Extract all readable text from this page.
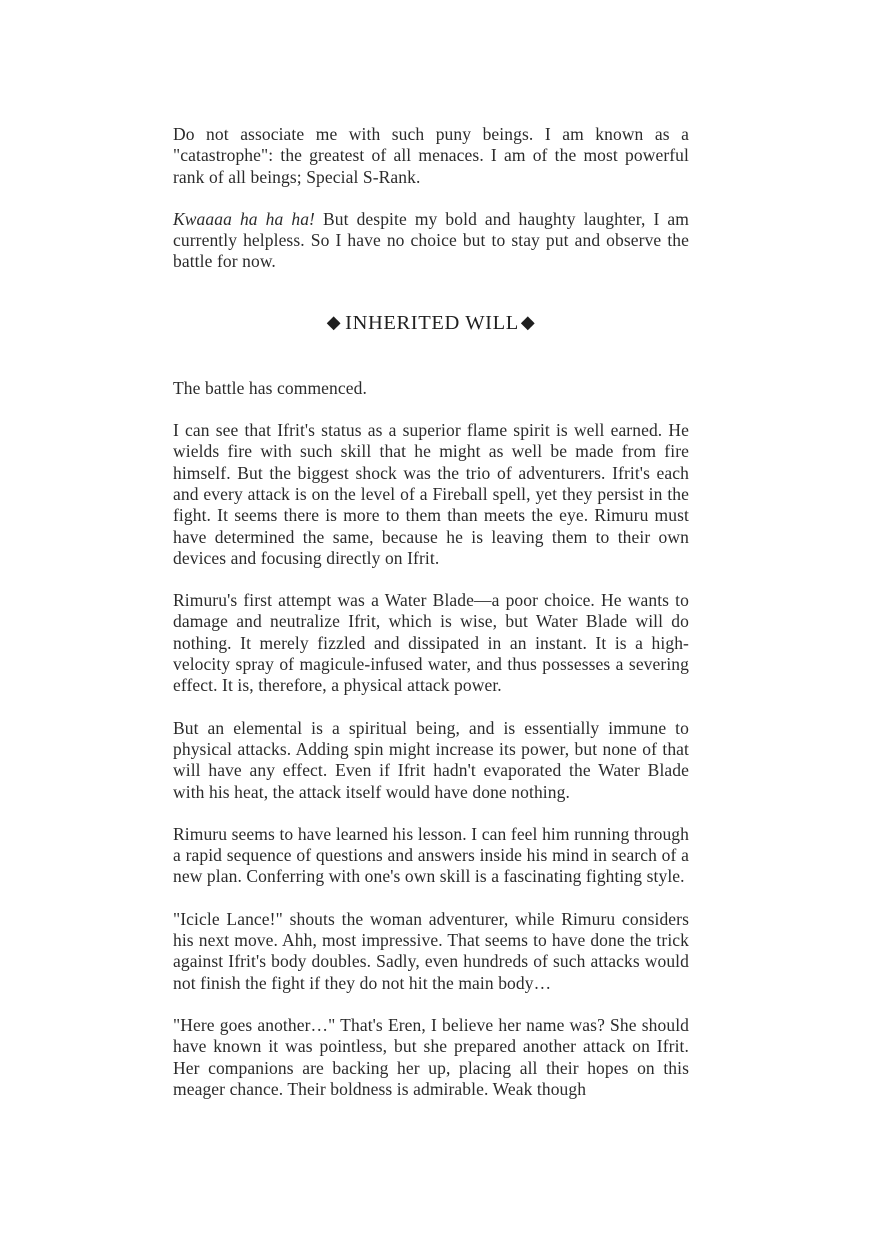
Do not associate me with such puny beings. I am known as a "catastrophe": the greatest of all menaces. I am of the most powerful rank of all beings; Special S-Rank.

Kwaaaa ha ha ha! But despite my bold and haughty laughter, I am currently helpless. So I have no choice but to stay put and observe the battle for now.

◆ INHERITED WILL ◆

The battle has commenced.

I can see that Ifrit's status as a superior flame spirit is well earned. He wields fire with such skill that he might as well be made from fire himself. But the biggest shock was the trio of adventurers. Ifrit's each and every attack is on the level of a Fireball spell, yet they persist in the fight. It seems there is more to them than meets the eye. Rimuru must have determined the same, because he is leaving them to their own devices and focusing directly on Ifrit.

Rimuru's first attempt was a Water Blade—a poor choice. He wants to damage and neutralize Ifrit, which is wise, but Water Blade will do nothing. It merely fizzled and dissipated in an instant. It is a high-velocity spray of magicule-infused water, and thus possesses a severing effect. It is, therefore, a physical attack power.

But an elemental is a spiritual being, and is essentially immune to physical attacks. Adding spin might increase its power, but none of that will have any effect. Even if Ifrit hadn't evaporated the Water Blade with his heat, the attack itself would have done nothing.

Rimuru seems to have learned his lesson. I can feel him running through a rapid sequence of questions and answers inside his mind in search of a new plan. Conferring with one's own skill is a fascinating fighting style.

"Icicle Lance!" shouts the woman adventurer, while Rimuru considers his next move. Ahh, most impressive. That seems to have done the trick against Ifrit's body doubles. Sadly, even hundreds of such attacks would not finish the fight if they do not hit the main body…

"Here goes another…" That's Eren, I believe her name was? She should have known it was pointless, but she prepared another attack on Ifrit. Her companions are backing her up, placing all their hopes on this meager chance. Their boldness is admirable. Weak though
